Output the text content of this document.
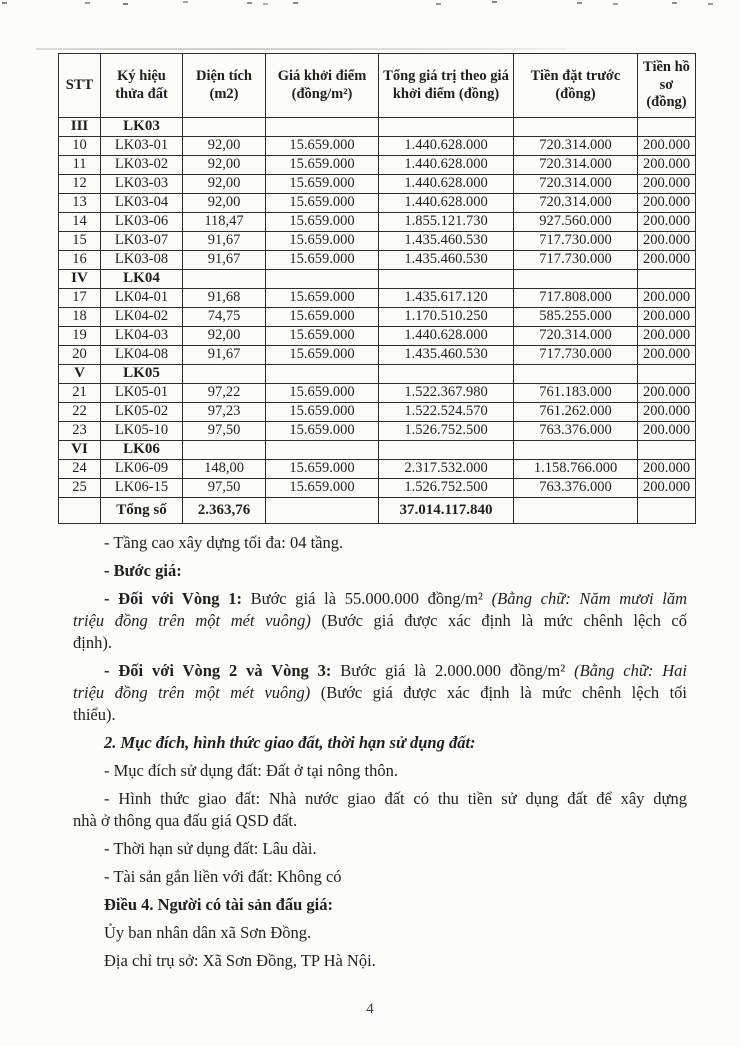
STT	Ký hiệu thửa đất	Diện tích (m2)	Giá khởi điểm (đồng/m²)	Tổng giá trị theo giá khởi điểm (đồng)	Tiền đặt trước (đồng)	Tiền hồ sơ (đồng)
III	LK03					
10	LK03-01	92,00	15.659.000	1.440.628.000	720.314.000	200.000
11	LK03-02	92,00	15.659.000	1.440.628.000	720.314.000	200.000
12	LK03-03	92,00	15.659.000	1.440.628.000	720.314.000	200.000
13	LK03-04	92,00	15.659.000	1.440.628.000	720.314.000	200.000
14	LK03-06	118,47	15.659.000	1.855.121.730	927.560.000	200.000
15	LK03-07	91,67	15.659.000	1.435.460.530	717.730.000	200.000
16	LK03-08	91,67	15.659.000	1.435.460.530	717.730.000	200.000
IV	LK04					
17	LK04-01	91,68	15.659.000	1.435.617.120	717.808.000	200.000
18	LK04-02	74,75	15.659.000	1.170.510.250	585.255.000	200.000
19	LK04-03	92,00	15.659.000	1.440.628.000	720.314.000	200.000
20	LK04-08	91,67	15.659.000	1.435.460.530	717.730.000	200.000
V	LK05					
21	LK05-01	97,22	15.659.000	1.522.367.980	761.183.000	200.000
22	LK05-02	97,23	15.659.000	1.522.524.570	761.262.000	200.000
23	LK05-10	97,50	15.659.000	1.526.752.500	763.376.000	200.000
VI	LK06					
24	LK06-09	148,00	15.659.000	2.317.532.000	1.158.766.000	200.000
25	LK06-15	97,50	15.659.000	1.526.752.500	763.376.000	200.000
	Tổng số	2.363,76		37.014.117.840		
- Tầng cao xây dựng tối đa: 04 tầng.
- Bước giá:
- Đối với Vòng 1: Bước giá là 55.000.000 đồng/m² (Bằng chữ: Năm mươi lăm
triệu đồng trên một mét vuông) (Bước giá được xác định là mức chênh lệch cố
định).
- Đối với Vòng 2 và Vòng 3: Bước giá là 2.000.000 đồng/m² (Bằng chữ: Hai
triệu đồng trên một mét vuông) (Bước giá được xác định là mức chênh lệch tối
thiểu).
2. Mục đích, hình thức giao đất, thời hạn sử dụng đất:
- Mục đích sử dụng đất: Đất ở tại nông thôn.
- Hình thức giao đất: Nhà nước giao đất có thu tiền sử dụng đất để xây dựng
nhà ở thông qua đấu giá QSD đất.
- Thời hạn sử dụng đất: Lâu dài.
- Tài sản gắn liền với đất: Không có
Điều 4. Người có tài sản đấu giá:
Ủy ban nhân dân xã Sơn Đồng.
Địa chỉ trụ sở: Xã Sơn Đồng, TP Hà Nội.
4
